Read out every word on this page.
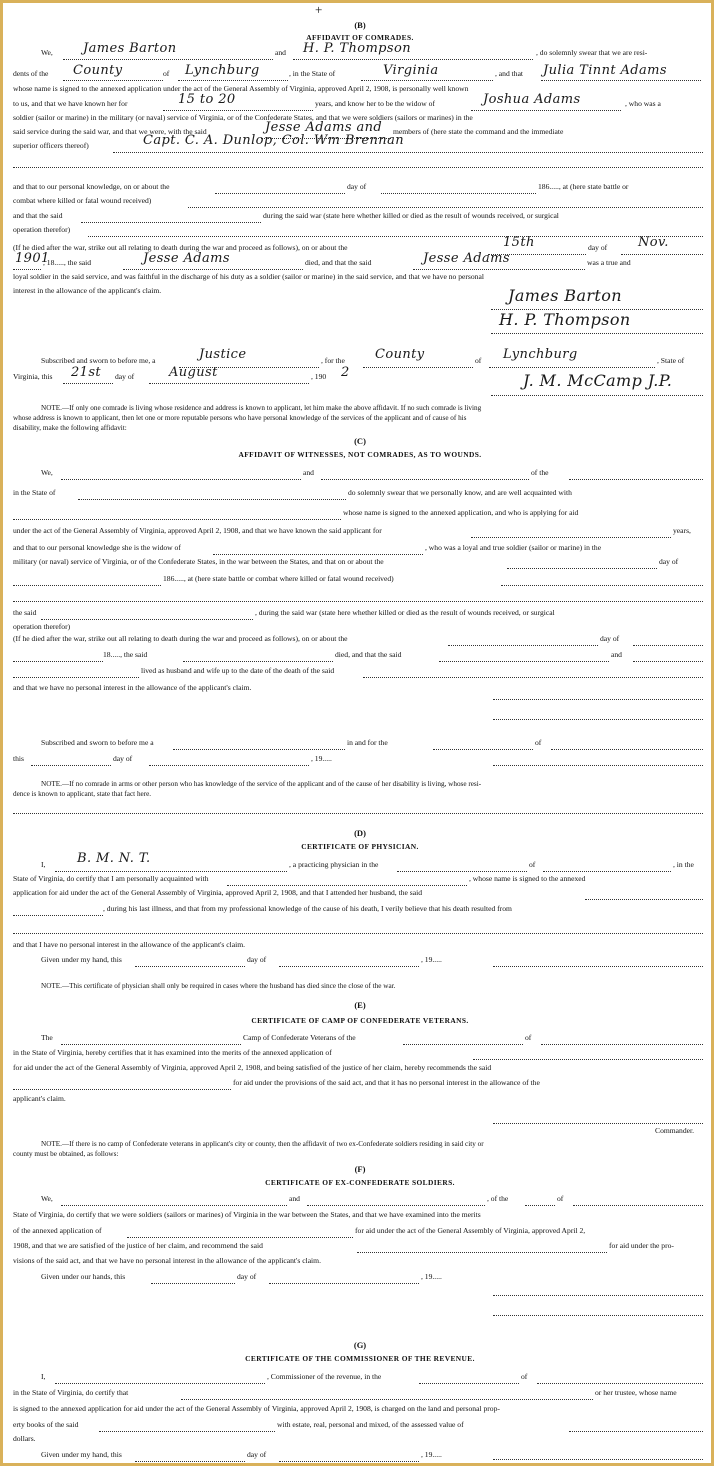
+
(B)
AFFIDAVIT OF COMRADES.
We, James Barton	and H. P. Thompson	, do solemnly swear that we are resi-
dents of the County	of Lynchburg	, in the State of	Virginia	, and that Julia Tinnt Adams
whose name is signed to the annexed application under the act of the General Assembly of Virginia, approved April 2, 1908, is personally well known
to us, and that we have known her for	15 to 20	years, and know her to be the widow of	Joshua Adams	, who was a
soldier (sailor or marine) in the military (or naval) service of Virginia, or of the Confederate States, and that we were soldiers (sailors or marines) in the
said service during the said war, and that we were, with the said	Jesse Adams and members of (here state the command and the immediate
superior officers thereof)	Capt. C. A. Dunlop, Col. Wm Brennan
and that to our personal knowledge, on or about the	day of	186....., at (here state battle or
combat where killed or fatal wound received)
and that the said	during the said war (state here whether killed or died as the result of wounds received, or surgical
operation therefor)
(If he died after the war, strike out all relating to death during the war and proceed as follows), on or about the	15th	day of Nov.
1901
, 18....., the said	Jesse Adams	died, and that the said	Jesse Adams	was a true and
loyal soldier in the said service, and was faithful in the discharge of his duty as a soldier (sailor or marine) in the said service, and that we have no personal
interest in the allowance of the applicant's claim.	James Barton
H. P. Thompson
Subscribed and sworn to before me, a	Justice	, for the County	of Lynchburg	, State of
Virginia, this 21st day of	August	, 190 2	J. M. McCamp J.P.
NOTE.—If only one comrade is living whose residence and address is known to applicant, let him make the above affidavit. If no such comrade is living
whose address is known to applicant, then let one or more reputable persons who have personal knowledge of the services of the applicant and of cause of his
disability, make the following affidavit:
(C)
AFFIDAVIT OF WITNESSES, NOT COMRADES, AS TO WOUNDS.
We,	and	of the
in the State of	do solemnly swear that we personally know, and are well acquainted with
whose name is signed to the annexed application, and who is applying for aid
under the act of the General Assembly of Virginia, approved April 2, 1908, and that we have known the said applicant for	years,
and that to our personal knowledge she is the widow of	, who was a loyal and true soldier (sailor or marine) in the
military (or naval) service of Virginia, or of the Confederate States, in the war between the States, and that on or about the	day of
186....., at (here state battle or combat where killed or fatal wound received)
the said	, during the said war (state here whether killed or died as the result of wounds received, or surgical
operation therefor)
(If he died after the war, strike out all relating to death during the war and proceed as follows), on or about the	day of
18....., the said	died, and that the said	and
lived as husband and wife up to the date of the death of the said
and that we have no personal interest in the allowance of the applicant's claim.
Subscribed and sworn to before me a	in and for the	of
this	day of	, 19.....
NOTE.—If no comrade in arms or other person who has knowledge of the service of the applicant and of the cause of her disability is living, whose resi-
dence is known to applicant, state that fact here.
(D)
CERTIFICATE OF PHYSICIAN.
I, B. M. N. T.	, a practicing physician in the	of	, in the
State of Virginia, do certify that I am personally acquainted with	, whose name is signed to the annexed
application for aid under the act of the General Assembly of Virginia, approved April 2, 1908, and that I attended her husband, the said
, during his last illness, and that from my professional knowledge of the cause of his death, I verily believe that his death resulted from
and that I have no personal interest in the allowance of the applicant's claim.
Given under my hand, this	day of	, 19.....
NOTE.—This certificate of physician shall only be required in cases where the husband has died since the close of the war.
(E)
CERTIFICATE OF CAMP OF CONFEDERATE VETERANS.
The	Camp of Confederate Veterans of the	of
in the State of Virginia, hereby certifies that it has examined into the merits of the annexed application of
for aid under the act of the General Assembly of Virginia, approved April 2, 1908, and being satisfied of the justice of her claim, hereby recommends the said
for aid under the provisions of the said act, and that it has no personal interest in the allowance of the
applicant's claim.
Commander.
NOTE.—If there is no camp of Confederate veterans in applicant's city or county, then the affidavit of two ex-Confederate soldiers residing in said city or
county must be obtained, as follows:
(F)
CERTIFICATE OF EX-CONFEDERATE SOLDIERS.
We,	and	, of the	of
State of Virginia, do certify that we were soldiers (sailors or marines) of Virginia in the war between the States, and that we have examined into the merits
of the annexed application of	for aid under the act of the General Assembly of Virginia, approved April 2,
1908, and that we are satisfied of the justice of her claim, and recommend the said	for aid under the pro-
visions of the said act, and that we have no personal interest in the allowance of the applicant's claim.
Given under our hands, this	day of	, 19.....
(G)
CERTIFICATE OF THE COMMISSIONER OF THE REVENUE.
I,	, Commissioner of the revenue, in the	of
in the State of Virginia, do certify that	or her trustee, whose name
is signed to the annexed application for aid under the act of the General Assembly of Virginia, approved April 2, 1908, is charged on the land and personal prop-
erty books of the said	with estate, real, personal and mixed, of the assessed value of
dollars.
Given under my hand, this	day of	, 19.....
